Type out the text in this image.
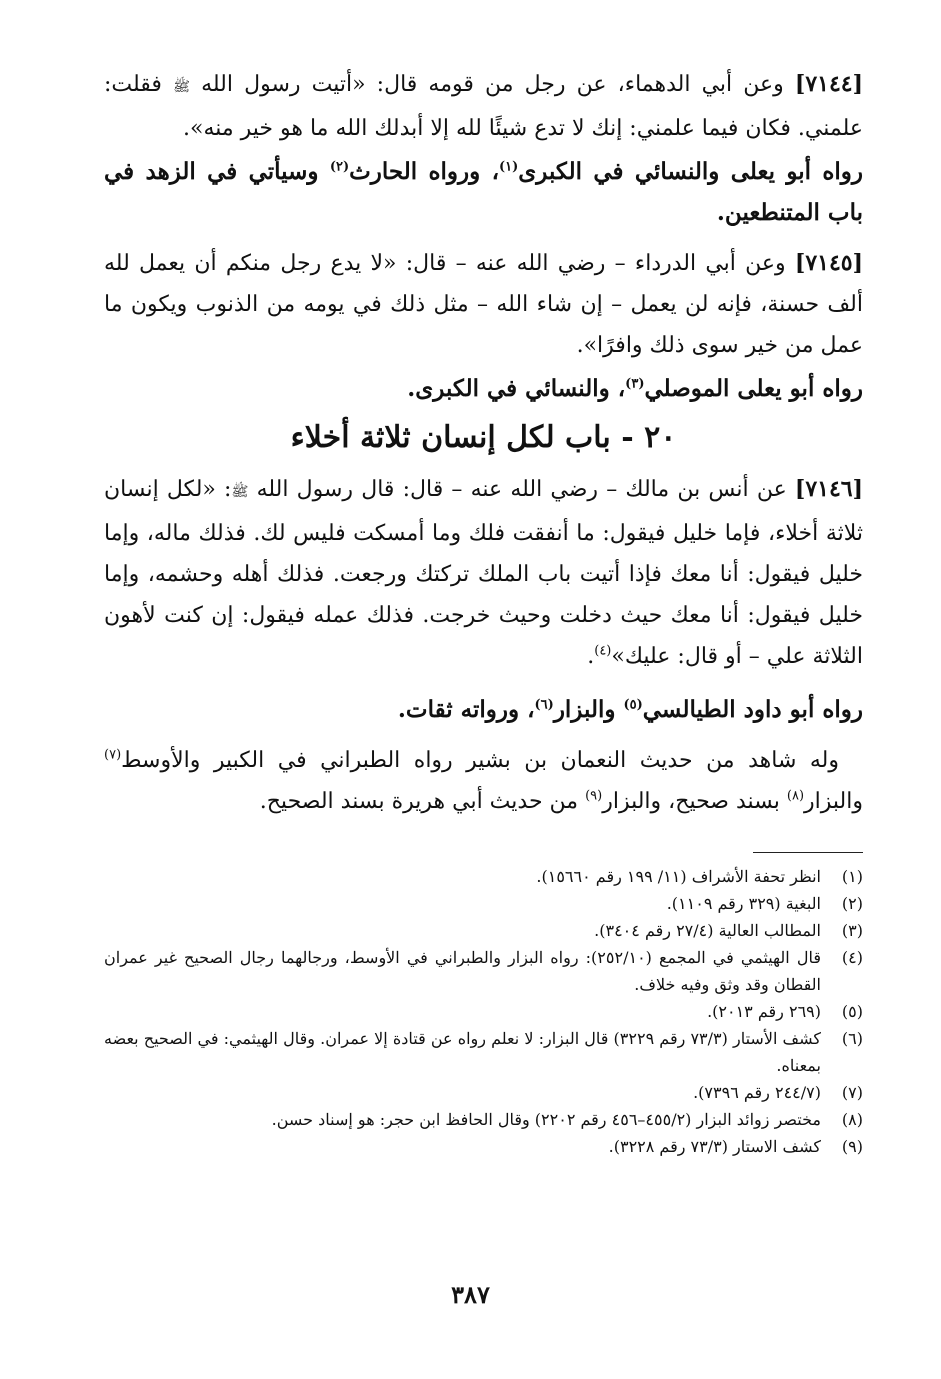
[٧١٤٤] وعن أبي الدهماء، عن رجل من قومه قال: «أتيت رسول الله ﷺ فقلت: علمني. فكان فيما علمني: إنك لا تدع شيئًا لله إلا أبدلك الله ما هو خير منه».

رواه أبو يعلى والنسائي في الكبرى$^{(١)}$، ورواه الحارث$^{(٢)}$ وسيأتي في الزهد في باب المتنطعين.

[٧١٤٥] وعن أبي الدرداء – رضي الله عنه – قال: «لا يدع رجل منكم أن يعمل لله ألف حسنة، فإنه لن يعمل – إن شاء الله – مثل ذلك في يومه من الذنوب ويكون ما عمل من خير سوى ذلك وافرًا».

رواه أبو يعلى الموصلي$^{(٣)}$، والنسائي في الكبرى.

٢٠ - باب لكل إنسان ثلاثة أخلاء

[٧١٤٦] عن أنس بن مالك – رضي الله عنه – قال: قال رسول الله ﷺ: «لكل إنسان ثلاثة أخلاء، فإما خليل فيقول: ما أنفقت فلك وما أمسكت فليس لك. فذلك ماله، وإما خليل فيقول: أنا معك فإذا أتيت باب الملك تركتك ورجعت. فذلك أهله وحشمه، وإما خليل فيقول: أنا معك حيث دخلت وحيث خرجت. فذلك عمله فيقول: إن كنت لأهون الثلاثة علي – أو قال: عليك»$^{(٤)}$.

رواه أبو داود الطيالسي$^{(٥)}$ والبزار$^{(٦)}$، ورواته ثقات.

وله شاهد من حديث النعمان بن بشير رواه الطبراني في الكبير والأوسط$^{(٧)}$ والبزار$^{(٨)}$ بسند صحيح، والبزار$^{(٩)}$ من حديث أبي هريرة بسند الصحيح.

(١)
انظر تحفة الأشراف (١١/ ١٩٩ رقم ١٥٦٦٠).
(٢)
البغية (٣٢٩ رقم ١١٠٩).
(٣)
المطالب العالية (٢٧/٤ رقم ٣٤٠٤).
(٤)
قال الهيثمي في المجمع (٢٥٢/١٠): رواه البزار والطبراني في الأوسط، ورجالهما رجال الصحيح غير عمران القطان وقد وثق وفيه خلاف.
(٥)
(٢٦٩ رقم ٢٠١٣).
(٦)
كشف الأستار (٧٣/٣ رقم ٣٢٢٩) قال البزار: لا نعلم رواه عن قتادة إلا عمران. وقال الهيثمي: في الصحيح بعضه بمعناه.
(٧)
(٢٤٤/٧ رقم ٧٣٩٦).
(٨)
مختصر زوائد البزار (٤٥٥/٢–٤٥٦ رقم ٢٢٠٢) وقال الحافظ ابن حجر: هو إسناد حسن.
(٩)
كشف الاستار (٧٣/٣ رقم ٣٢٢٨).
٣٨٧
